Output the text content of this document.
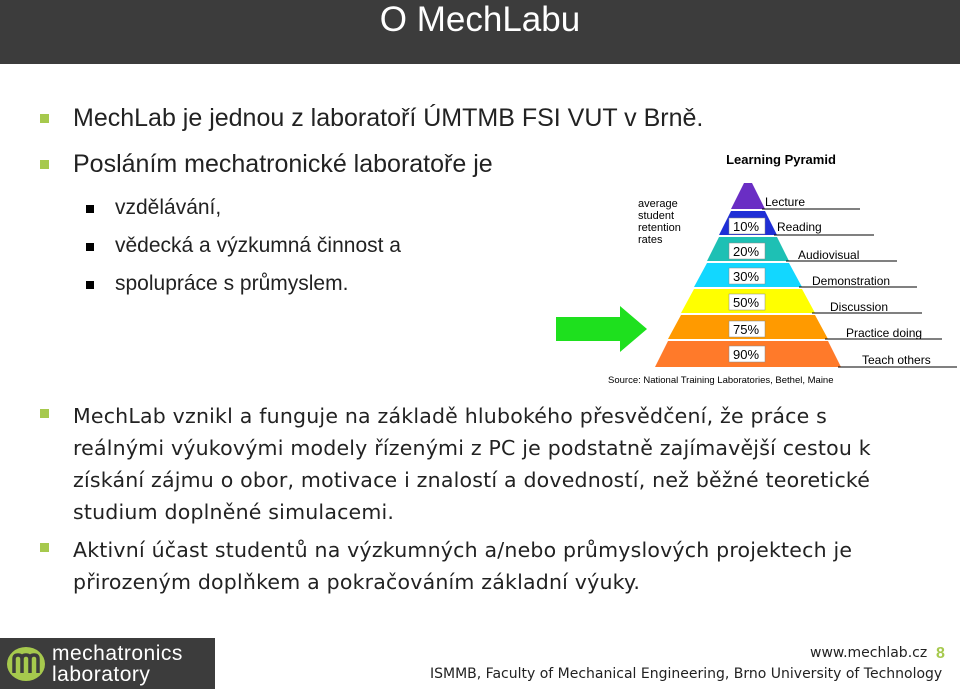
O MechLabu
MechLab je jednou z laboratoří ÚMTMB FSI VUT v Brně.
Posláním mechatronické laboratoře je
vzdělávání,
vědecká a výzkumná činnost a
spolupráce s průmyslem.
Learning Pyramid
average
student
retention
rates
10%
20%
30%
50%
75%
90%
Lecture
Reading
Audiovisual
Demonstration
Discussion
Practice doing
Teach others
Source: National Training Laboratories, Bethel, Maine
MechLab vznikl a funguje na základě hlubokého přesvědčení, že práce s
reálnými výukovými modely řízenými z PC je podstatně zajímavější cestou k
získání zájmu o obor, motivace i znalostí a dovedností, než běžné teoretické
studium doplněné simulacemi.
Aktivní účast studentů na výzkumných a/nebo průmyslových projektech je
přirozeným doplňkem a pokračováním základní výuky.
mechatronics
laboratory
www.mechlab.cz
ISMMB, Faculty of Mechanical Engineering, Brno University of Technology
8
